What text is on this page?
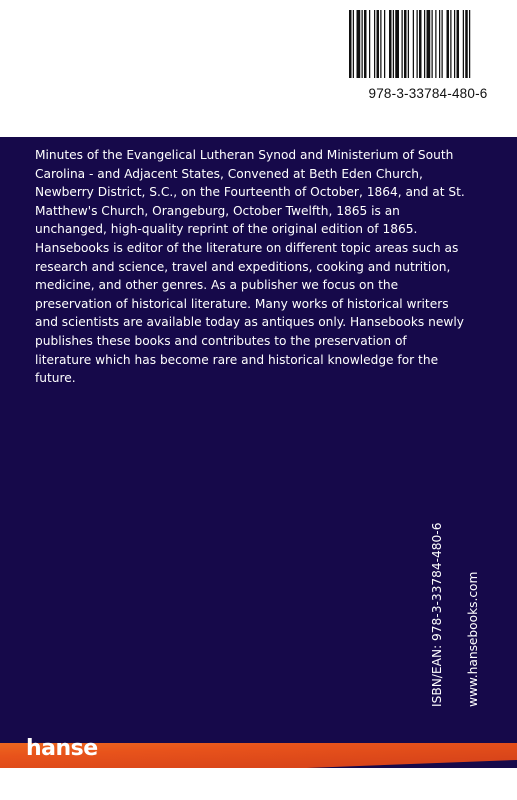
978-3-33784-480-6

Minutes of the Evangelical Lutheran Synod and Ministerium of South
Carolina - and Adjacent States, Convened at Beth Eden Church,
Newberry District, S.C., on the Fourteenth of October, 1864, and at St.
Matthew's Church, Orangeburg, October Twelfth, 1865 is an
unchanged, high-quality reprint of the original edition of 1865.
Hansebooks is editor of the literature on different topic areas such as
research and science, travel and expeditions, cooking and nutrition,
medicine, and other genres. As a publisher we focus on the
preservation of historical literature. Many works of historical writers
and scientists are available today as antiques only. Hansebooks newly
publishes these books and contributes to the preservation of
literature which has become rare and historical knowledge for the
future.

ISBN/EAN: 978-3-33784-480-6 www.hansebooks.com
hanse
